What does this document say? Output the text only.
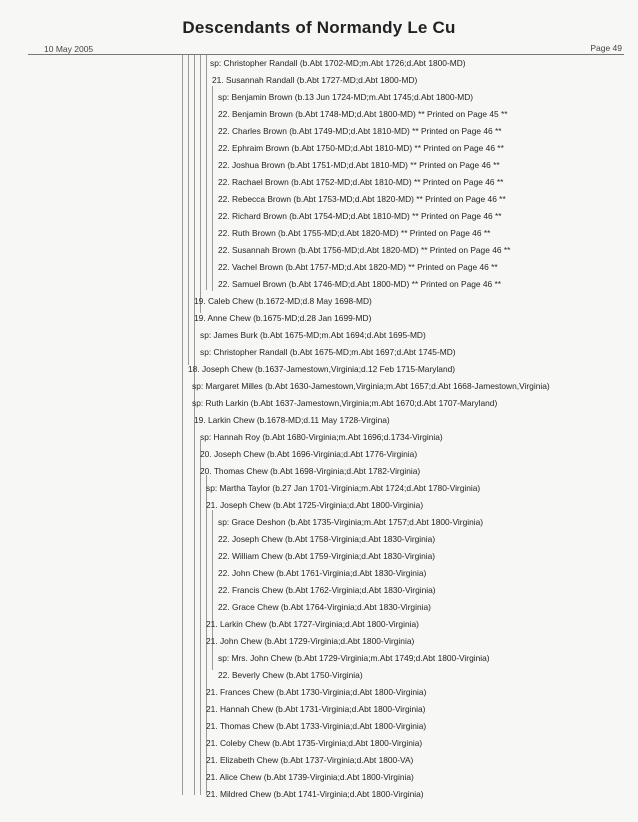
Descendants of Normandy Le Cu
10 May 2005	Page 49
sp: Christopher Randall (b.Abt 1702-MD;m.Abt 1726;d.Abt 1800-MD)
21. Susannah Randall (b.Abt 1727-MD;d.Abt 1800-MD)
sp: Benjamin Brown (b.13 Jun 1724-MD;m.Abt 1745;d.Abt 1800-MD)
22. Benjamin Brown (b.Abt 1748-MD;d.Abt 1800-MD) ** Printed on Page 45 **
22. Charles Brown (b.Abt 1749-MD;d.Abt 1810-MD) ** Printed on Page 46 **
22. Ephraim Brown (b.Abt 1750-MD;d.Abt 1810-MD) ** Printed on Page 46 **
22. Joshua Brown (b.Abt 1751-MD;d.Abt 1810-MD) ** Printed on Page 46 **
22. Rachael Brown (b.Abt 1752-MD;d.Abt 1810-MD) ** Printed on Page 46 **
22. Rebecca Brown (b.Abt 1753-MD;d.Abt 1820-MD) ** Printed on Page 46 **
22. Richard Brown (b.Abt 1754-MD;d.Abt 1810-MD) ** Printed on Page 46 **
22. Ruth Brown (b.Abt 1755-MD;d.Abt 1820-MD) ** Printed on Page 46 **
22. Susannah Brown (b.Abt 1756-MD;d.Abt 1820-MD) ** Printed on Page 46 **
22. Vachel Brown (b.Abt 1757-MD;d.Abt 1820-MD) ** Printed on Page 46 **
22. Samuel Brown (b.Abt 1746-MD;d.Abt 1800-MD) ** Printed on Page 46 **
19. Caleb Chew (b.1672-MD;d.8 May 1698-MD)
19. Anne Chew (b.1675-MD;d.28 Jan 1699-MD)
sp: James Burk (b.Abt 1675-MD;m.Abt 1694;d.Abt 1695-MD)
sp: Christopher Randall (b.Abt 1675-MD;m.Abt 1697;d.Abt 1745-MD)
18. Joseph Chew (b.1637-Jamestown,Virginia;d.12 Feb 1715-Maryland)
sp: Margaret Milles (b.Abt 1630-Jamestown,Virginia;m.Abt 1657;d.Abt 1668-Jamestown,Virginia)
sp: Ruth Larkin (b.Abt 1637-Jamestown,Virginia;m.Abt 1670;d.Abt 1707-Maryland)
19. Larkin Chew (b.1678-MD;d.11 May 1728-Virgina)
sp: Hannah Roy (b.Abt 1680-Virginia;m.Abt 1696;d.1734-Virginia)
20. Joseph Chew (b.Abt 1696-Virginia;d.Abt 1776-Virginia)
20. Thomas Chew (b.Abt 1698-Virginia;d.Abt 1782-Virginia)
sp: Martha Taylor (b.27 Jan 1701-Virginia;m.Abt 1724;d.Abt 1780-Virginia)
21. Joseph Chew (b.Abt 1725-Virginia;d.Abt 1800-Virginia)
sp: Grace Deshon (b.Abt 1735-Virginia;m.Abt 1757;d.Abt 1800-Virginia)
22. Joseph Chew (b.Abt 1758-Virginia;d.Abt 1830-Virginia)
22. William Chew (b.Abt 1759-Virginia;d.Abt 1830-Virginia)
22. John Chew (b.Abt 1761-Virginia;d.Abt 1830-Virginia)
22. Francis Chew (b.Abt 1762-Virginia;d.Abt 1830-Virginia)
22. Grace Chew (b.Abt 1764-Virginia;d.Abt 1830-Virginia)
21. Larkin Chew (b.Abt 1727-Virginia;d.Abt 1800-Virginia)
21. John Chew (b.Abt 1729-Virginia;d.Abt 1800-Virginia)
sp: Mrs. John Chew (b.Abt 1729-Virginia;m.Abt 1749;d.Abt 1800-Virginia)
22. Beverly Chew (b.Abt 1750-Virginia)
21. Frances Chew (b.Abt 1730-Virginia;d.Abt 1800-Virginia)
21. Hannah Chew (b.Abt 1731-Virginia;d.Abt 1800-Virginia)
21. Thomas Chew (b.Abt 1733-Virginia;d.Abt 1800-Virginia)
21. Coleby Chew (b.Abt 1735-Virginia;d.Abt 1800-Virginia)
21. Elizabeth Chew (b.Abt 1737-Virginia;d.Abt 1800-VA)
21. Alice Chew (b.Abt 1739-Virginia;d.Abt 1800-Virginia)
21. Mildred Chew (b.Abt 1741-Virginia;d.Abt 1800-Virginia)
